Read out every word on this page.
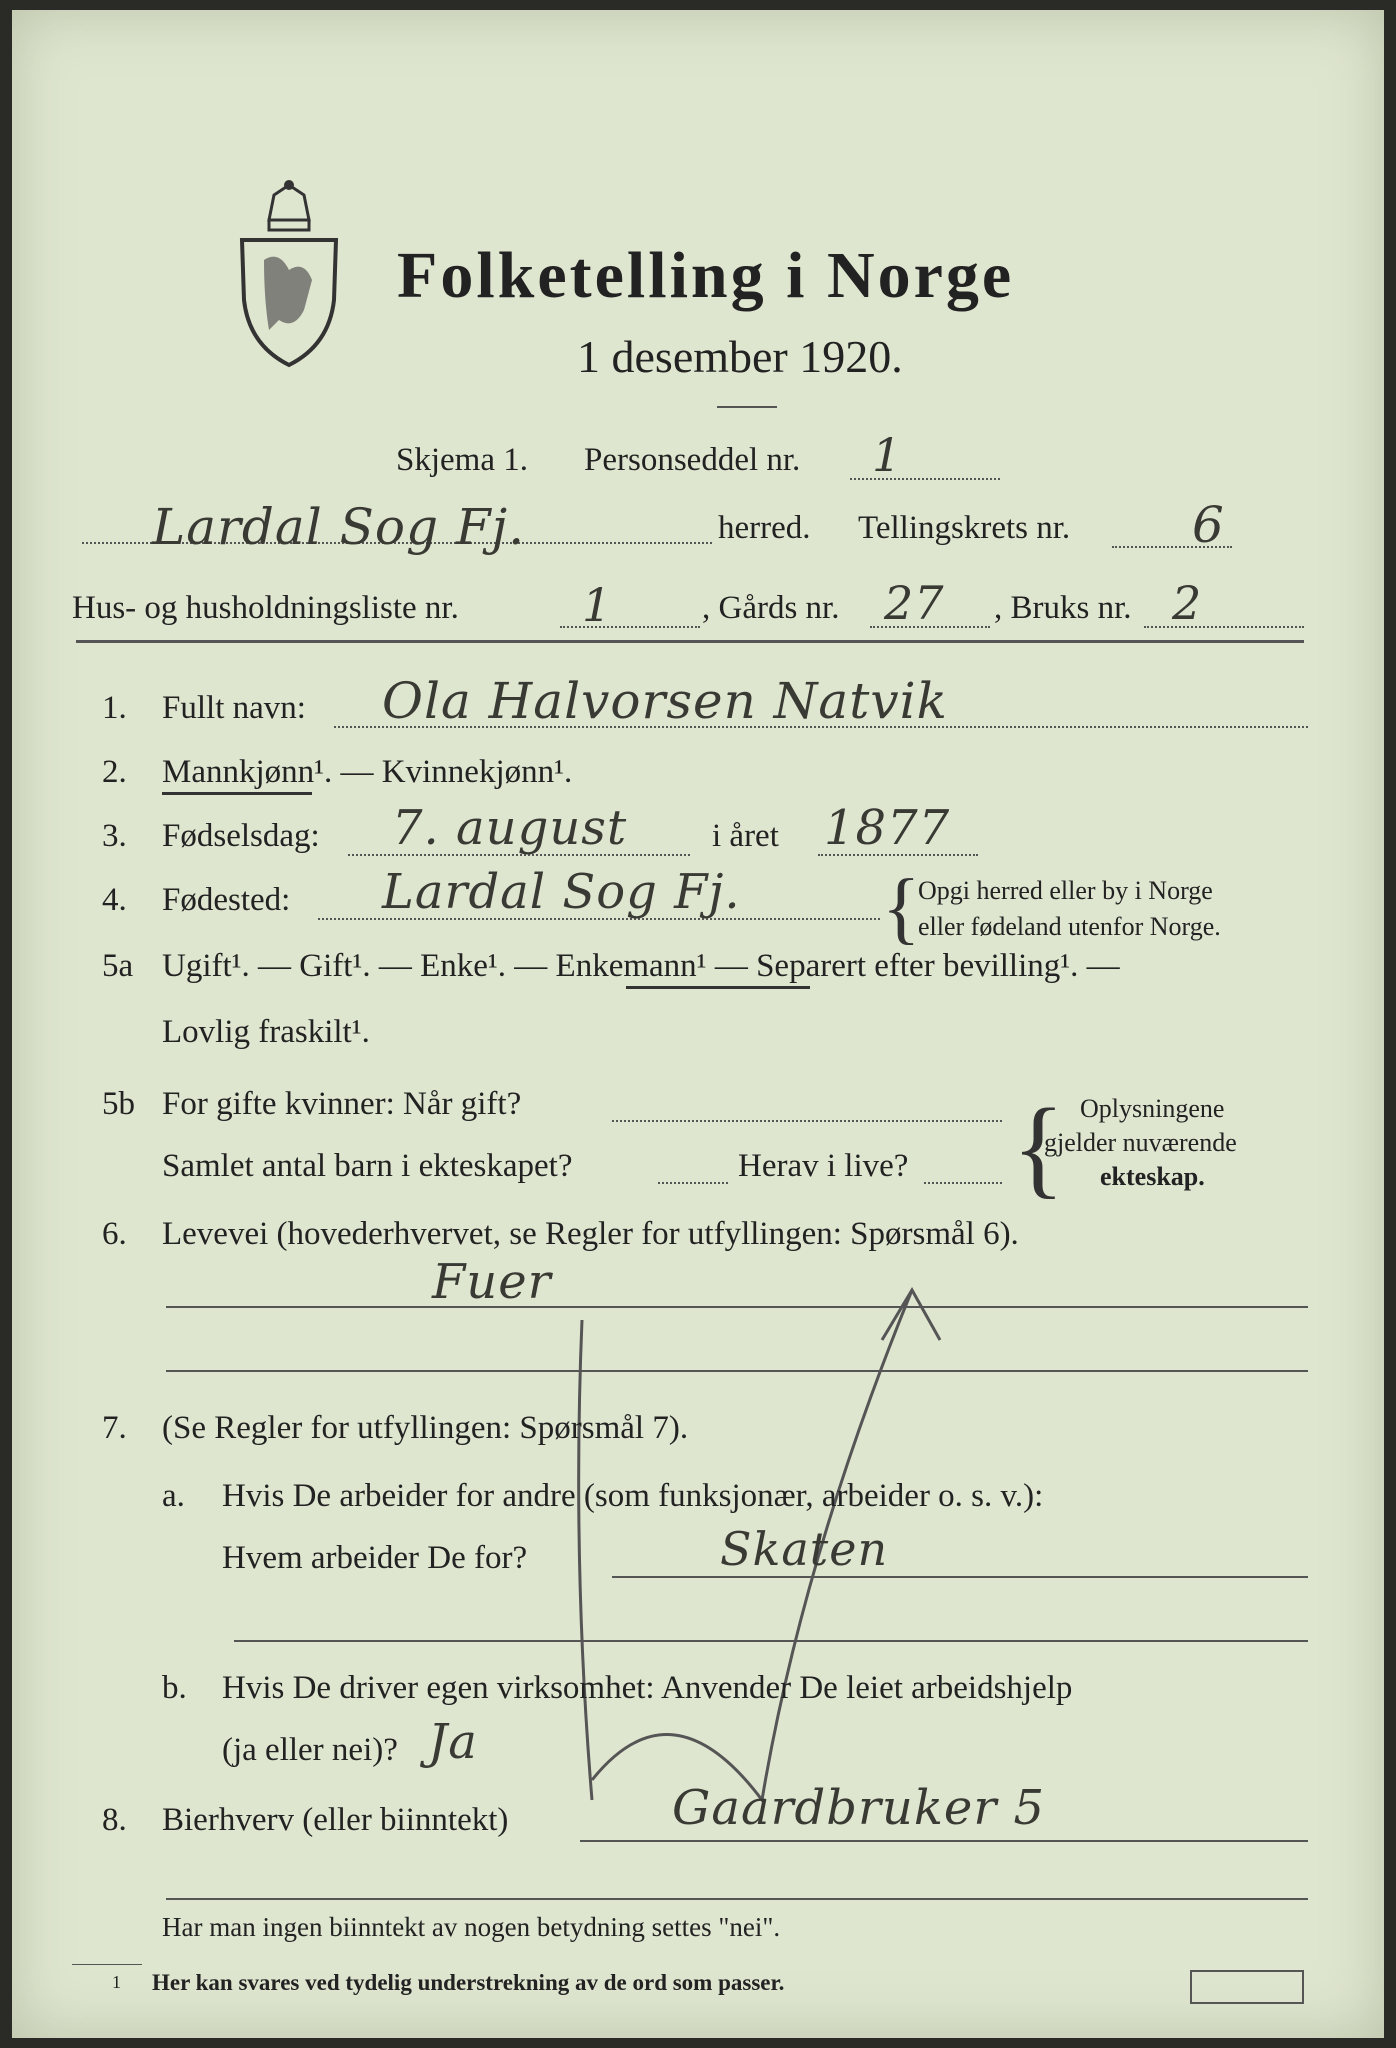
Folketelling i Norge
1 desember 1920.
Skjema 1. Personseddel nr. 1
Lardal Sog Fj.	herred. Tellingskrets nr. 6
Hus- og husholdningsliste nr.	1	, Gårds nr. 27 , Bruks nr. 2
1. Fullt navn: Ola Halvorsen Natvik
2. Mannkjønn¹. — Kvinnekjønn¹.
3. Fødselsdag: 7. august	i året 1877
4. Fødested: Lardal Sog Fj. {
Opgi herred eller by i Norge
eller fødeland utenfor Norge.
5a Ugift¹. — Gift¹. — Enke¹. — Enkemann¹ — Separert efter bevilling¹. —
Lovlig fraskilt¹.
5b For gifte kvinner: Når gift?
Samlet antal barn i ekteskapet?	Herav i live? { Oplysningene
gjelder nuværende
ekteskap.
6. Levevei (hovederhvervet, se Regler for utfyllingen: Spørsmål 6).
Fuer
7. (Se Regler for utfyllingen: Spørsmål 7).
a. Hvis De arbeider for andre (som funksjonær, arbeider o. s. v.):
Hvem arbeider De for?	Skaten
b. Hvis De driver egen virksomhet: Anvender De leiet arbeidshjelp
(ja eller nei)? Ja
8. Bierhverv (eller biinntekt)	Gaardbruker 5
Har man ingen biinntekt av nogen betydning settes "nei".
1 Her kan svares ved tydelig understrekning av de ord som passer.
